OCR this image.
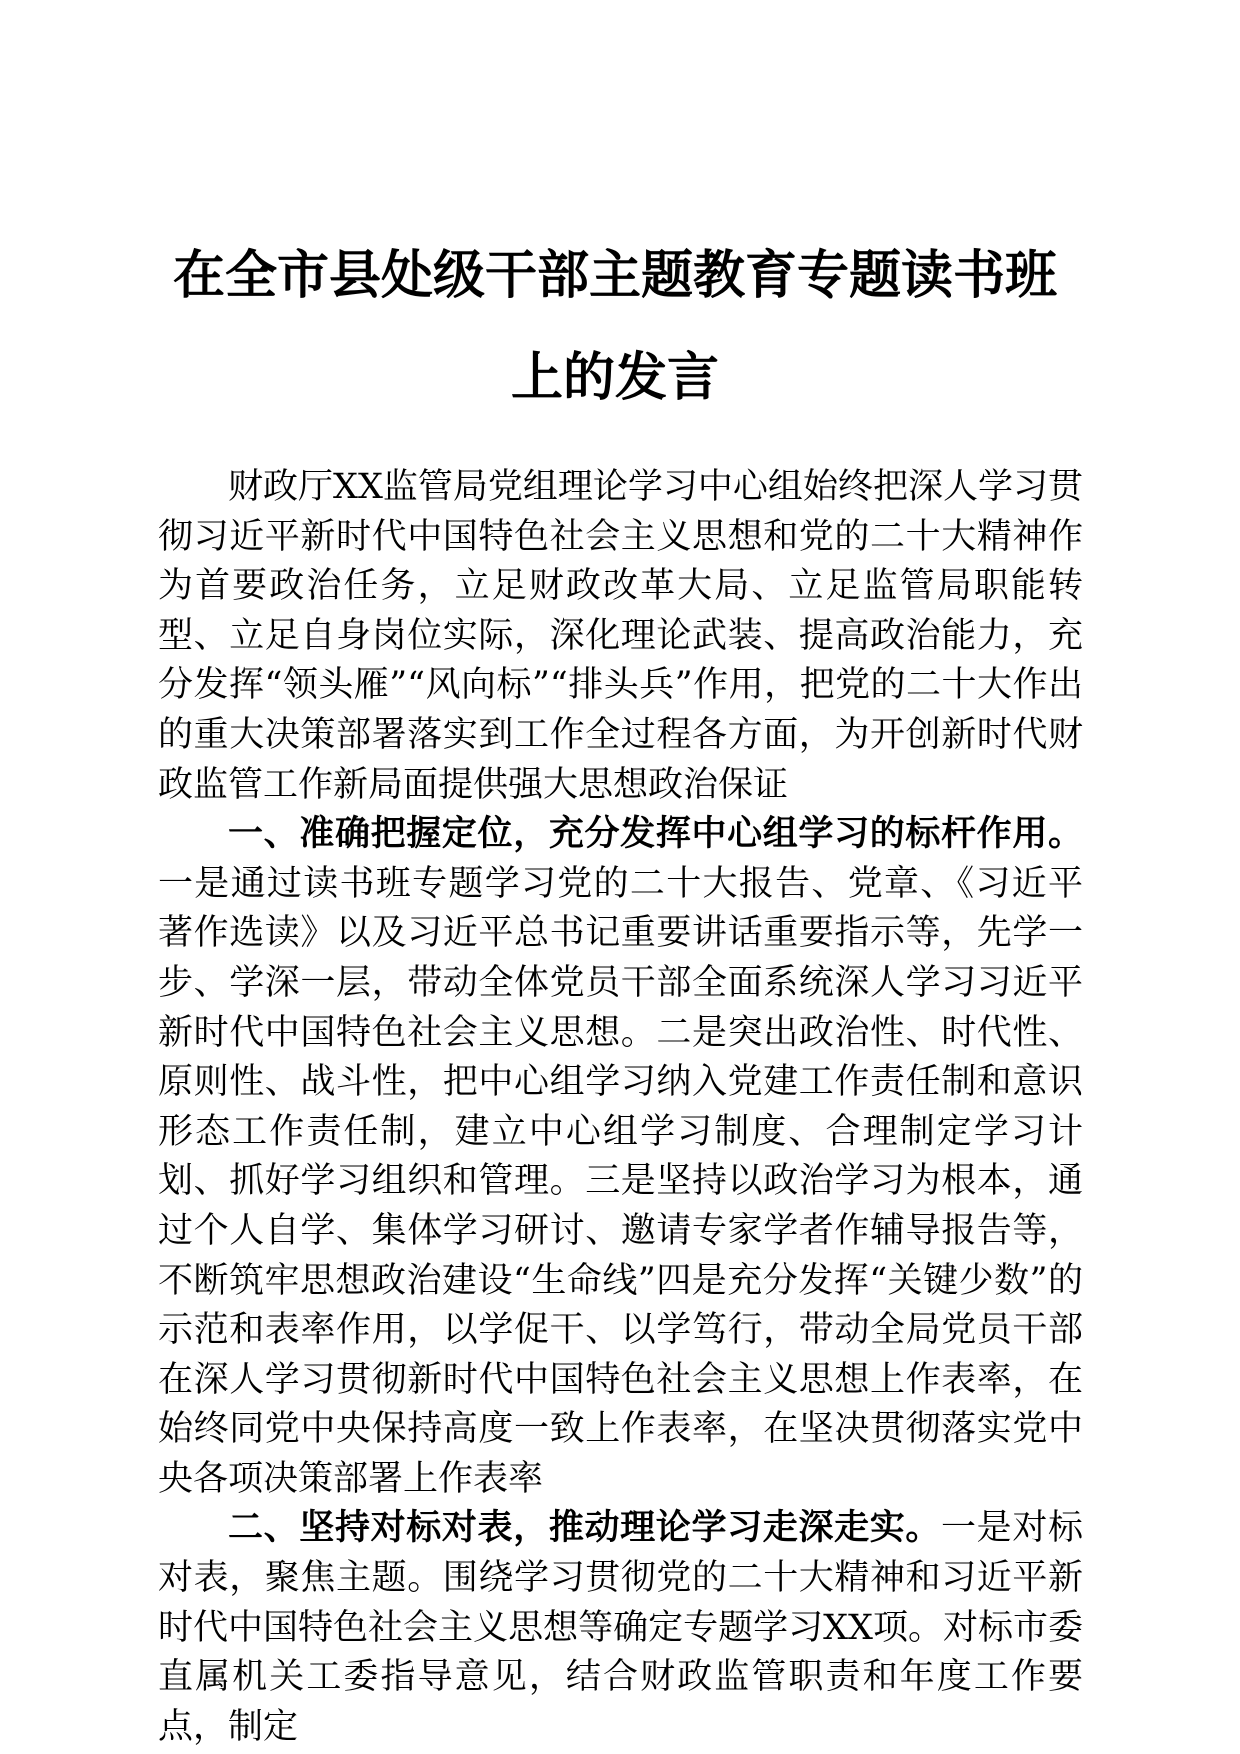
在全市县处级干部主题教育专题读书班上的发言

财政厅XX监管局党组理论学习中心组始终把深人学习贯彻习近平新时代中国特色社会主义思想和党的二十大精神作为首要政治任务，立足财政改革大局、立足监管局职能转型、立足自身岗位实际，深化理论武装、提高政治能力，充分发挥“领头雁”“风向标”“排头兵”作用，把党的二十大作出的重大决策部署落实到工作全过程各方面，为开创新时代财政监管工作新局面提供强大思想政治保证

一、准确把握定位，充分发挥中心组学习的标杆作用。一是通过读书班专题学习党的二十大报告、党章、《习近平著作选读》以及习近平总书记重要讲话重要指示等，先学一步、学深一层，带动全体党员干部全面系统深人学习习近平新时代中国特色社会主义思想。二是突出政治性、时代性、原则性、战斗性，把中心组学习纳入党建工作责任制和意识形态工作责任制，建立中心组学习制度、合理制定学习计划、抓好学习组织和管理。三是坚持以政治学习为根本，通过个人自学、集体学习研讨、邀请专家学者作辅导报告等，不断筑牢思想政治建设“生命线”四是充分发挥“关键少数”的示范和表率作用，以学促干、以学笃行，带动全局党员干部在深人学习贯彻新时代中国特色社会主义思想上作表率，在始终同党中央保持高度一致上作表率，在坚决贯彻落实党中央各项决策部署上作表率

二、坚持对标对表，推动理论学习走深走实。一是对标对表，聚焦主题。围绕学习贯彻党的二十大精神和习近平新时代中国特色社会主义思想等确定专题学习XX项。对标市委直属机关工委指导意见，结合财政监管职责和年度工作要点，制定
